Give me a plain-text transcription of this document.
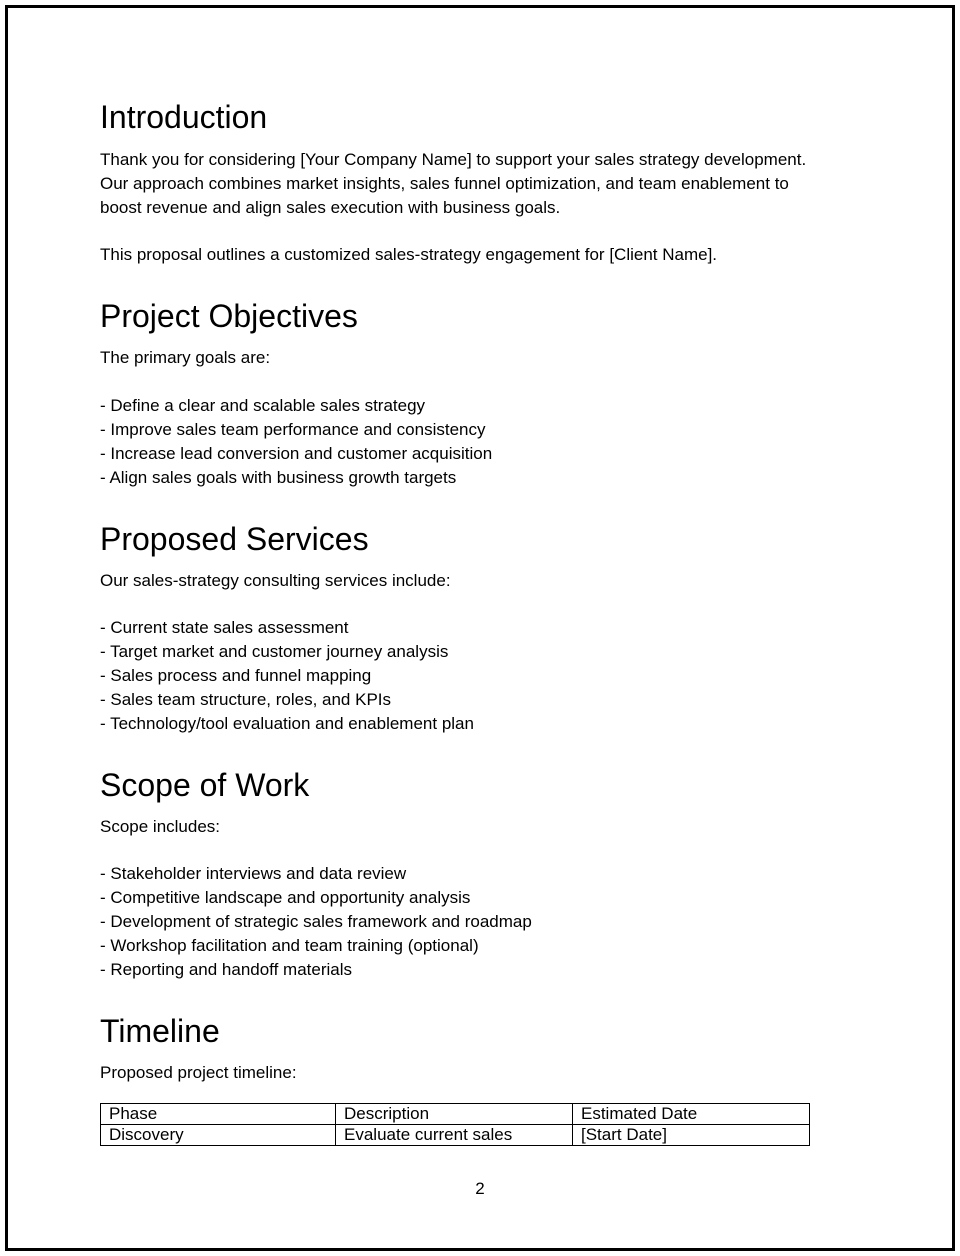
Introduction
Thank you for considering [Your Company Name] to support your sales strategy development.
Our approach combines market insights, sales funnel optimization, and team enablement to
boost revenue and align sales execution with business goals.
This proposal outlines a customized sales-strategy engagement for [Client Name].
Project Objectives
The primary goals are:
- Define a clear and scalable sales strategy
- Improve sales team performance and consistency
- Increase lead conversion and customer acquisition
- Align sales goals with business growth targets
Proposed Services
Our sales-strategy consulting services include:
- Current state sales assessment
- Target market and customer journey analysis
- Sales process and funnel mapping
- Sales team structure, roles, and KPIs
- Technology/tool evaluation and enablement plan
Scope of Work
Scope includes:
- Stakeholder interviews and data review
- Competitive landscape and opportunity analysis
- Development of strategic sales framework and roadmap
- Workshop facilitation and team training (optional)
- Reporting and handoff materials
Timeline
Proposed project timeline:
Phase	Description	Estimated Date
Discovery	Evaluate current sales	[Start Date]
2
